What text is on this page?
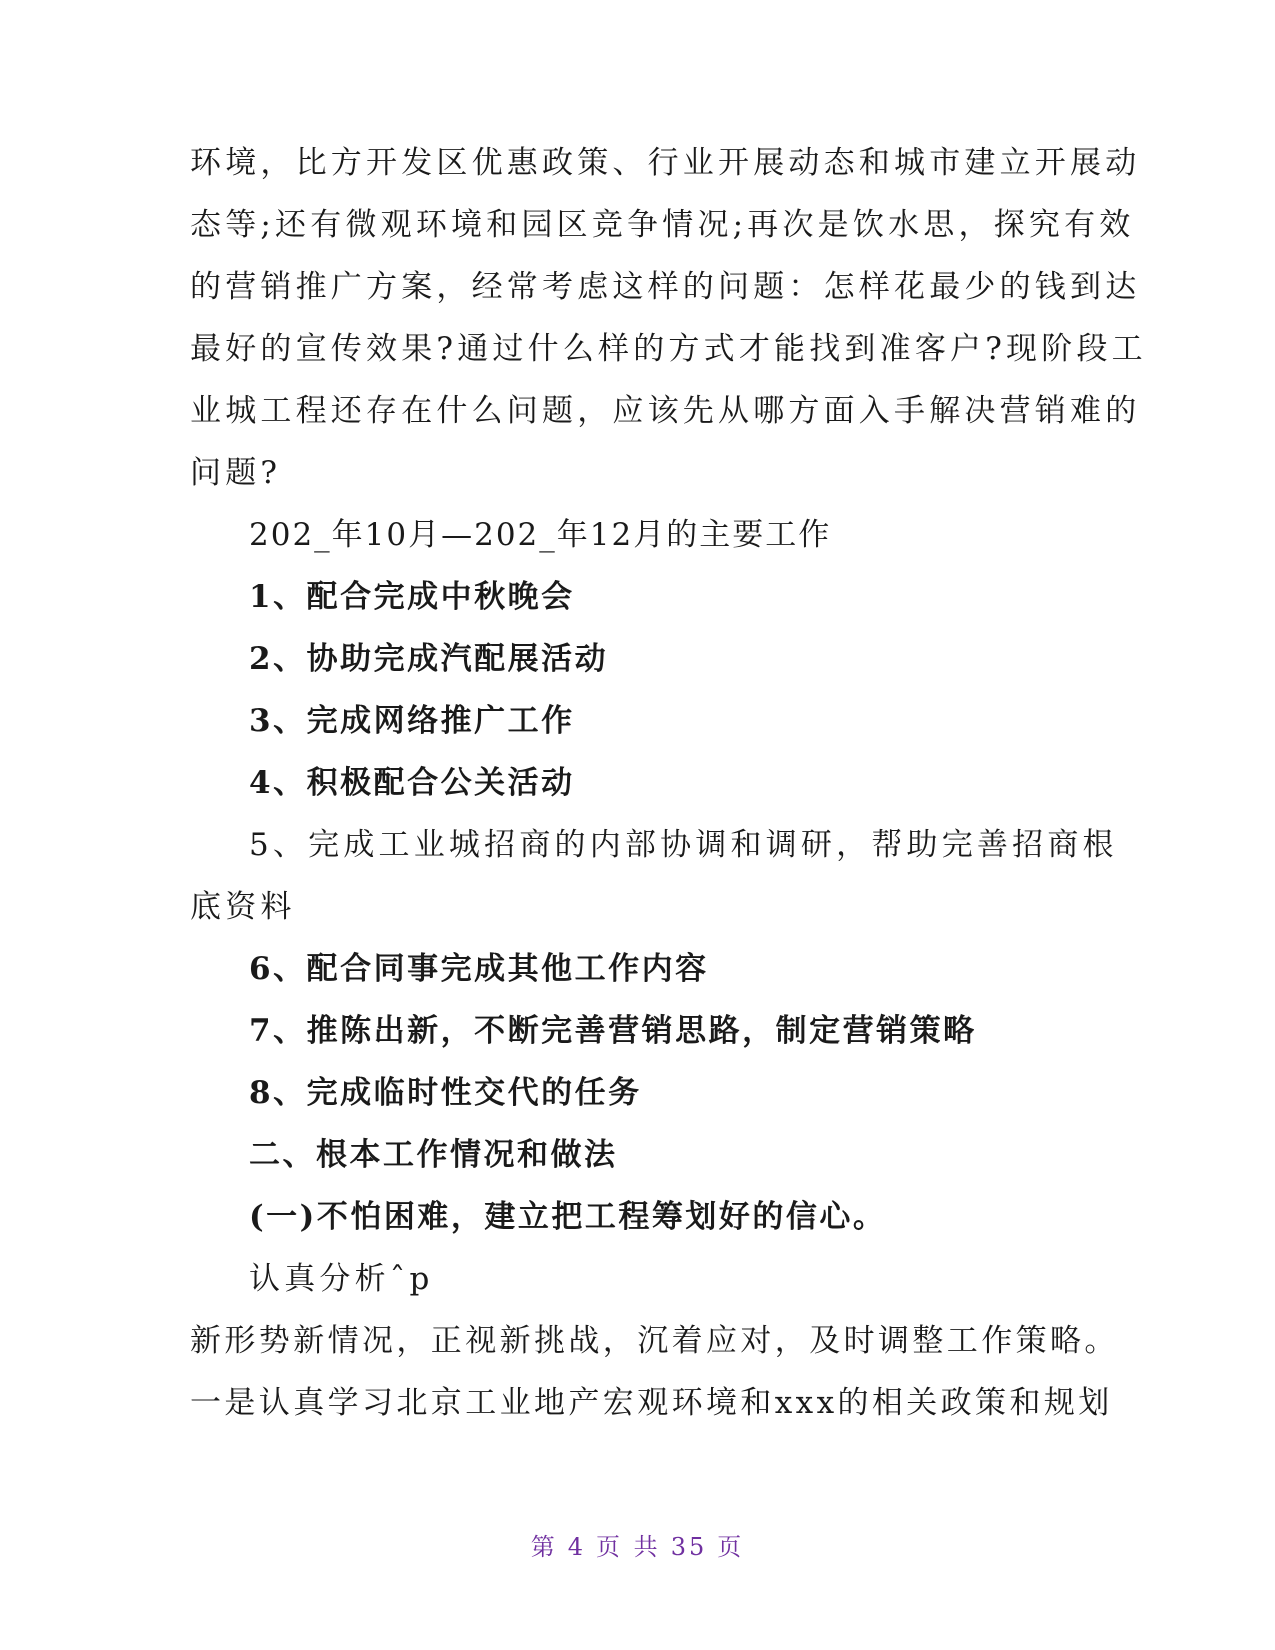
环境，比方开发区优惠政策、行业开展动态和城市建立开展动
态等;还有微观环境和园区竞争情况;再次是饮水思，探究有效
的营销推广方案，经常考虑这样的问题：怎样花最少的钱到达
最好的宣传效果?通过什么样的方式才能找到准客户?现阶段工
业城工程还存在什么问题，应该先从哪方面入手解决营销难的
问题?
202_年10月—202_年12月的主要工作
1、配合完成中秋晚会
2、协助完成汽配展活动
3、完成网络推广工作
4、积极配合公关活动
5、完成工业城招商的内部协调和调研，帮助完善招商根
底资料
6、配合同事完成其他工作内容
7、推陈出新，不断完善营销思路，制定营销策略
8、完成临时性交代的任务
二、根本工作情况和做法
(一)不怕困难，建立把工程筹划好的信心。
认真分析ˆp
新形势新情况，正视新挑战，沉着应对，及时调整工作策略。
一是认真学习北京工业地产宏观环境和xxx的相关政策和规划
第 4 页 共 35 页
